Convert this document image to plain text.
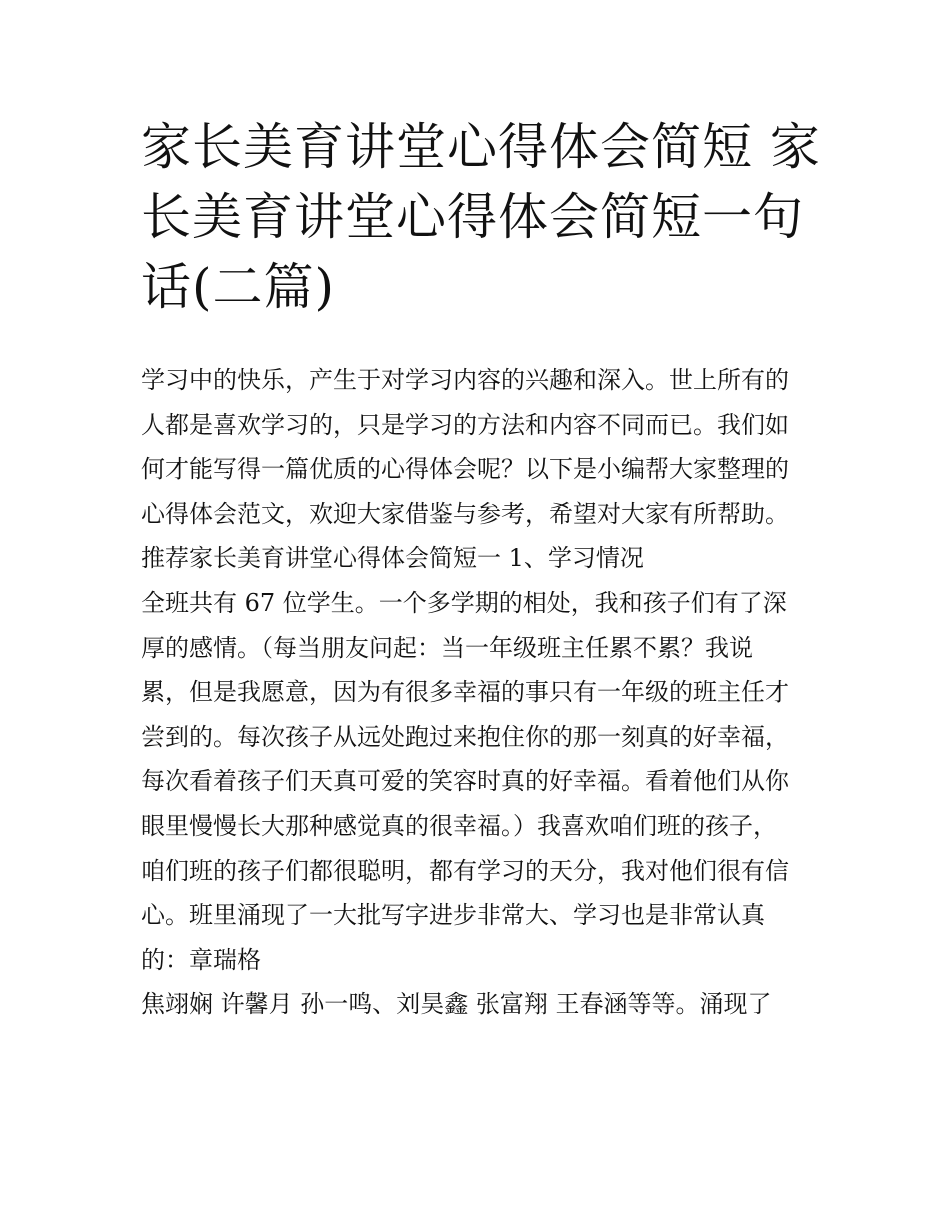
家长美育讲堂心得体会简短 家
长美育讲堂心得体会简短一句
话(二篇)
学习中的快乐，产生于对学习内容的兴趣和深入。世上所有的
人都是喜欢学习的，只是学习的方法和内容不同而已。我们如
何才能写得一篇优质的心得体会呢？以下是小编帮大家整理的
心得体会范文，欢迎大家借鉴与参考，希望对大家有所帮助。
推荐家长美育讲堂心得体会简短一 1、学习情况
全班共有 67 位学生。一个多学期的相处，我和孩子们有了深
厚的感情。（每当朋友问起：当一年级班主任累不累？我说
累，但是我愿意，因为有很多幸福的事只有一年级的班主任才
尝到的。每次孩子从远处跑过来抱住你的那一刻真的好幸福，
每次看着孩子们天真可爱的笑容时真的好幸福。看着他们从你
眼里慢慢长大那种感觉真的很幸福。）我喜欢咱们班的孩子，
咱们班的孩子们都很聪明，都有学习的天分，我对他们很有信
心。班里涌现了一大批写字进步非常大、学习也是非常认真
的：章瑞格
焦翊娴 许馨月 孙一鸣、刘昊鑫 张富翔 王春涵等等。涌现了
